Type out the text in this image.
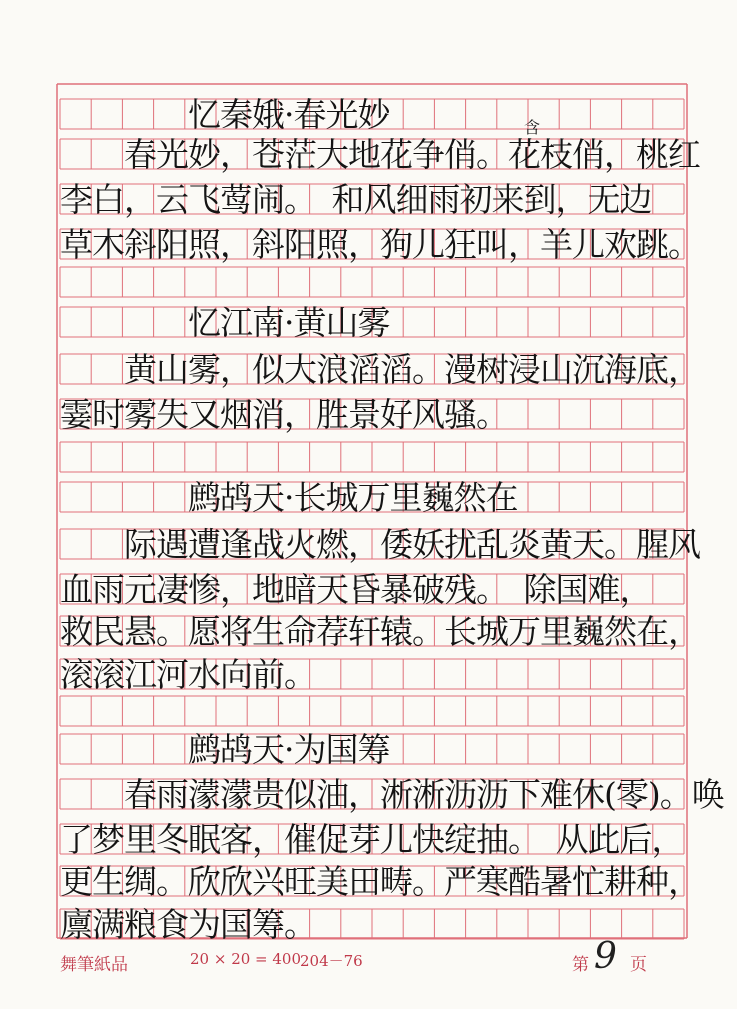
　　　　忆秦娥·春光妙
　　春光妙，苍茫大地花争俏。花枝俏，桃红
李白，云飞莺闹。　和风细雨初来到，无边
草木斜阳照，斜阳照，狗儿狂叫，羊儿欢跳。
含
　　　　忆江南·黄山雾
　　黄山雾，似大浪滔滔。漫树浸山沉海底，
霎时雾失又烟消，胜景好风骚。
　　　　鹧鸪天·长城万里巍然在
　　际遇遭逢战火燃，倭妖扰乱炎黄天。腥风
血雨元凄惨，地暗天昏暴破残。　除国难，
救民悬。愿将生命荐轩辕。长城万里巍然在，
滚滚江河水向前。
　　　　鹧鸪天·为国筹
　　春雨濛濛贵似油，淅淅沥沥下难休(零)。唤
了梦里冬眠客，催促芽儿快绽抽。　从此后，
更生绸。欣欣兴旺美田畴。严寒酷暑忙耕种，
廪满粮食为国筹。
舞筆紙品	20 × 20 = 400
204－76	第 9 页
